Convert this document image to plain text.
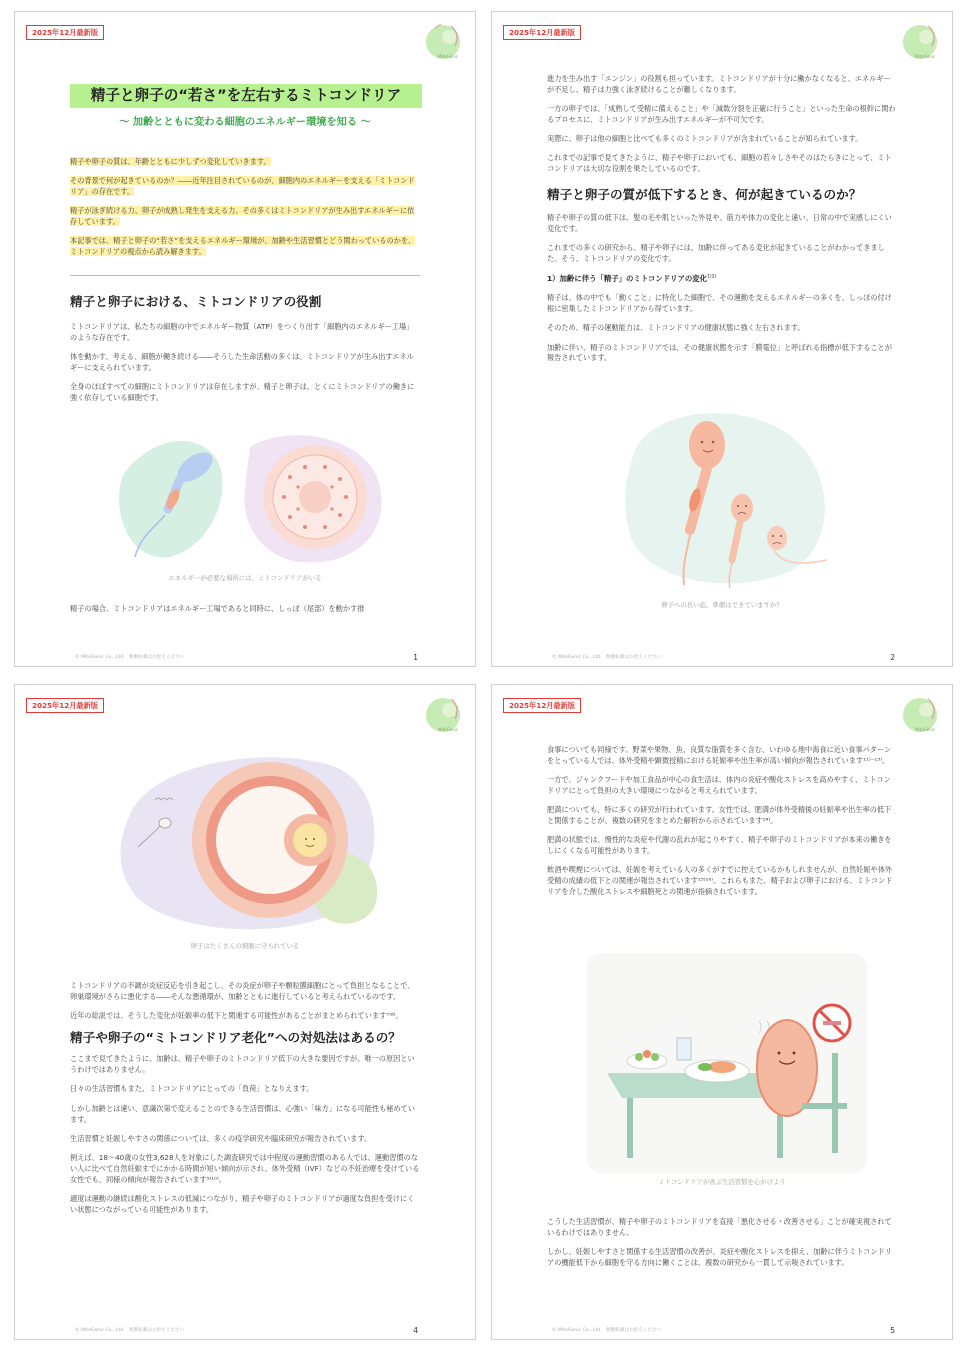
2025年12月最新版
MitoGenic
精子と卵子の“若さ”を左右するミトコンドリア
〜 加齢とともに変わる細胞のエネルギー環境を知る 〜

精子や卵子の質は、年齢とともに少しずつ変化していきます。

その背景で何が起きているのか？――近年注目されているのが、細胞内のエネルギーを支える「ミトコンドリア」の存在です。

精子が泳ぎ続ける力、卵子が成熟し発生を支える力。その多くはミトコンドリアが生み出すエネルギーに依存しています。

本記事では、精子と卵子の“若さ”を支えるエネルギー環境が、加齢や生活習慣とどう関わっているのかを、ミトコンドリアの視点から読み解きます。

精子と卵子における、ミトコンドリアの役割

ミトコンドリアは、私たちの細胞の中でエネルギー物質（ATP）をつくり出す「細胞内のエネルギー工場」のような存在です。

体を動かす、考える、細胞が働き続ける――そうした生命活動の多くは、ミトコンドリアが生み出すエネルギーに支えられています。

全身のほぼすべての細胞にミトコンドリアは存在しますが、精子と卵子は、とくにミトコンドリアの働きに強く依存している細胞です。

エネルギーが必要な場所には、ミトコンドリアがいる

精子の場合、ミトコンドリアはエネルギー工場であると同時に、しっぽ（尾部）を動かす推

© MitoGenic Co., Ltd.　無断転載はお控えください	1
2025年12月最新版
MitoGenic

進力を生み出す「エンジン」の役割も担っています。ミトコンドリアが十分に働かなくなると、エネルギーが不足し、精子は力強く泳ぎ続けることが難しくなります。

一方の卵子では、「成熟して受精に備えること」や「減数分裂を正確に行うこと」といった生命の根幹に関わるプロセスに、ミトコンドリアが生み出すエネルギーが不可欠です。

実際に、卵子は他の細胞と比べても多くのミトコンドリアが含まれていることが知られています。

これまでの記事で見てきたように、精子や卵子においても、細胞の若々しさやそのはたらきにとって、ミトコンドリアは大切な役割を果たしているのです。

精子と卵子の質が低下するとき、何が起きているのか？

精子や卵子の質の低下は、髪の毛や肌といった外見や、筋力や体力の変化と違い、日常の中で実感しにくい変化です。

これまでの多くの研究から、精子や卵子には、加齢に伴ってある変化が起きていることがわかってきました。そう、ミトコンドリアの変化です。

1）加齢に伴う「精子」のミトコンドリアの変化$^{1)2)}$

精子は、体の中でも「動くこと」に特化した細胞で、その運動を支えるエネルギーの多くを、しっぽの付け根に密集したミトコンドリアから得ています。

そのため、精子の運動能力は、ミトコンドリアの健康状態に強く左右されます。

加齢に伴い、精子のミトコンドリアでは、その健康状態を示す「膜電位」と呼ばれる指標が低下することが報告されています。

卵子への長い旅。準備はできていますか？
© MitoGenic Co., Ltd.　無断転載はお控えください	2
2025年12月最新版
MitoGenic
卵子はたくさんの細胞に守られている

ミトコンドリアの不調が炎症反応を引き起こし、その炎症が卵子や顆粒膜細胞にとって負担となることで、卵巣環境がさらに悪化する――そんな悪循環が、加齢とともに進行していると考えられているのです。

近年の総説では、そうした変化が妊娠率の低下と関連する可能性があることがまとめられています⁷⁾⁸⁾。

精子や卵子の“ミトコンドリア老化”への対処法はあるの？

ここまで見てきたように、加齢は、精子や卵子のミトコンドリア低下の大きな要因ですが、唯一の原因というわけではありません。

日々の生活習慣もまた、ミトコンドリアにとっての「負荷」となりえます。

しかし加齢とは違い、意識次第で変えることのできる生活習慣は、心強い「味方」になる可能性も秘めています。

生活習慣と妊娠しやすさの関係については、多くの疫学研究や臨床研究が報告されています。

例えば、18〜40歳の女性3,628人を対象にした調査研究では中程度の運動習慣のある人では、運動習慣のない人に比べて自然妊娠までにかかる時間が短い傾向が示され、体外受精（IVF）などの不妊治療を受けている女性でも、同様の傾向が報告されています⁹⁾¹⁰⁾。

適度は運動の継続は酸化ストレスの低減につながり、精子や卵子のミトコンドリアが過度な負担を受けにくい状態につながっている可能性があります。

© MitoGenic Co., Ltd.　無断転載はお控えください	4
2025年12月最新版
MitoGenic

食事についても同様です。野菜や果物、魚、良質な脂質を多く含む、いわゆる地中海食に近い食事パターンをとっている人では、体外受精や顕微授精における妊娠率や出生率が高い傾向が報告されています¹¹⁾⁻¹³⁾。

一方で、ジャンクフードや加工食品が中心の食生活は、体内の炎症や酸化ストレスを高めやすく、ミトコンドリアにとって負担の大きい環境につながると考えられています。

肥満についても、特に多くの研究が行われています。女性では、肥満が体外受精後の妊娠率や出生率の低下と関係することが、複数の研究をまとめた解析から示されています¹⁴⁾。

肥満の状態では、慢性的な炎症や代謝の乱れが起こりやすく、精子や卵子のミトコンドリアが本来の働きをしにくくなる可能性があります。

飲酒や喫煙については、妊娠を考えている人の多くがすでに控えているかもしれませんが、自然妊娠や体外受精の成績の低下との関連が報告されています¹⁵⁾¹⁶⁾。これらもまた、精子および卵子における、ミトコンドリアを介した酸化ストレスや細胞死との関連が指摘されています。

ミトコンドリアが喜ぶ生活習慣を心がけよう

こうした生活習慣が、精子や卵子のミトコンドリアを直接「悪化させる・改善させる」ことが確実視されているわけではありません。

しかし、妊娠しやすさと関係する生活習慣の改善が、炎症や酸化ストレスを抑え、加齢に伴うミトコンドリアの機能低下から細胞を守る方向に働くことは、複数の研究から一貫して示唆されています。

© MitoGenic Co., Ltd.　無断転載はお控えください	5
